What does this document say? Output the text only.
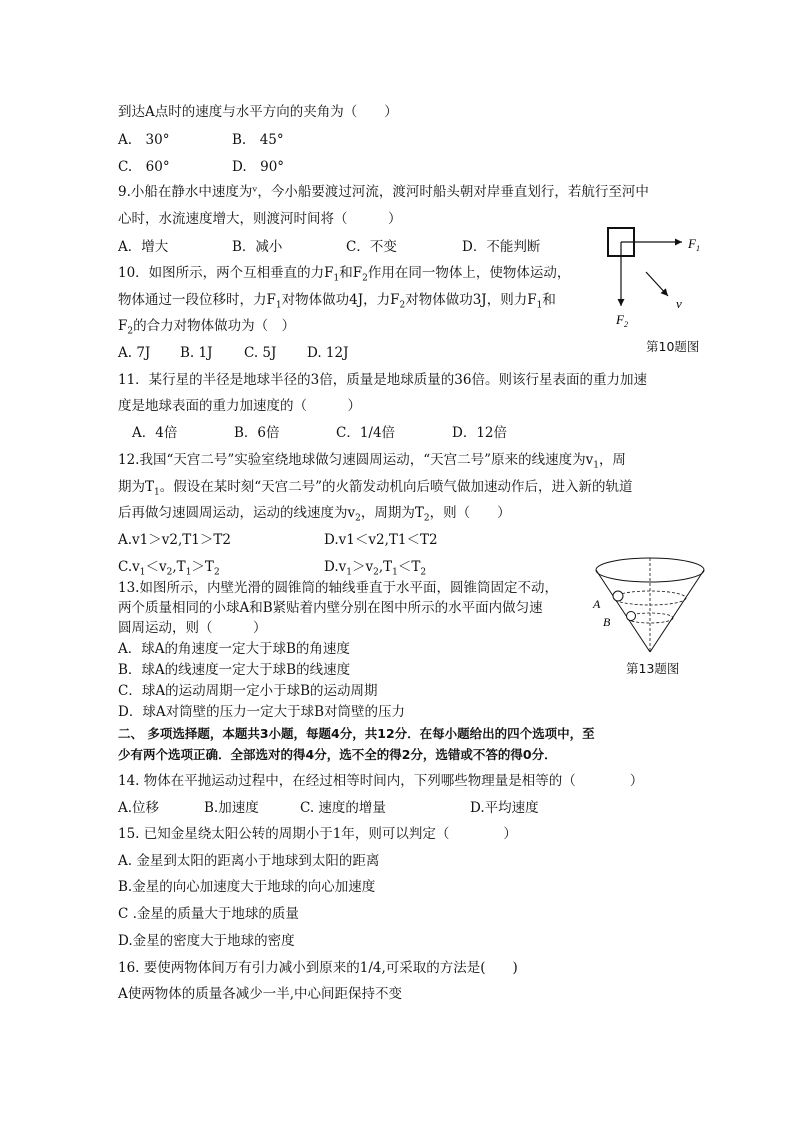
到达A点时的速度与水平方向的夹角为（　　）
A.　30°	B.　45°
C.　60°	D.　90°
9.小船在静水中速度为ᵛ，今小船要渡过河流，渡河时船头朝对岸垂直划行，若航行至河中
心时，水流速度增大，则渡河时间将（　　　）
A．增大	B．减小	C．不变	D．不能判断
10．如图所示，两个互相垂直的力$F_1$和$F_2$作用在同一物体上，使物体运动，
物体通过一段位移时，力$F_1$对物体做功4J，力$F_2$对物体做功3J，则力$F_1$和
$F_2$的合力对物体做功为（　）
A. 7J B. 1J C. 5J D. 12J
$F_1$
$F_2$
v
第10题图
11．某行星的半径是地球半径的3倍，质量是地球质量的36倍。则该行星表面的重力加速
度是地球表面的重力加速度的（　　　）
A．4倍	B．6倍	C．1/4倍	D．12倍
12.我国“天宫二号”实验室绕地球做匀速圆周运动，“天宫二号”原来的线速度为$v_1$，周
期为$T_1$。假设在某时刻“天宫二号”的火箭发动机向后喷气做加速动作后，进入新的轨道
后再做匀速圆周运动，运动的线速度为$v_2$，周期为$T_2$，则（　　）
A.v1＞v2,T1＞T2	D.v1＜v2,T1＜T2
$C.v_1<v_2,T_1>T_2$	$D.v_1>v_2,T_1<T_2$
13.如图所示，内壁光滑的圆锥筒的轴线垂直于水平面，圆锥筒固定不动，
两个质量相同的小球A和B紧贴着内壁分别在图中所示的水平面内做匀速
圆周运动，则（　　　）
A．球A的角速度一定大于球B的角速度
B．球A的线速度一定大于球B的线速度
C．球A的运动周期一定小于球B的运动周期
D．球A对筒壁的压力一定大于球B对筒壁的压力
A
B
第13题图
二、 多项选择题，本题共3小题，每题4分，共12分．在每小题给出的四个选项中，至
少有两个选项正确．全部选对的得4分，选不全的得2分，选错或不答的得0分．
14. 物体在平抛运动过程中，在经过相等时间内，下列哪些物理量是相等的（　　　　）
A.位移	B.加速度	C. 速度的增量	D.平均速度
15. 已知金星绕太阳公转的周期小于1年，则可以判定（　　　　）
A. 金星到太阳的距离小于地球到太阳的距离
B.金星的向心加速度大于地球的向心加速度
C .金星的质量大于地球的质量
D.金星的密度大于地球的密度
16. 要使两物体间万有引力减小到原来的1/4,可采取的方法是(　　)
A使两物体的质量各减少一半,中心间距保持不变
